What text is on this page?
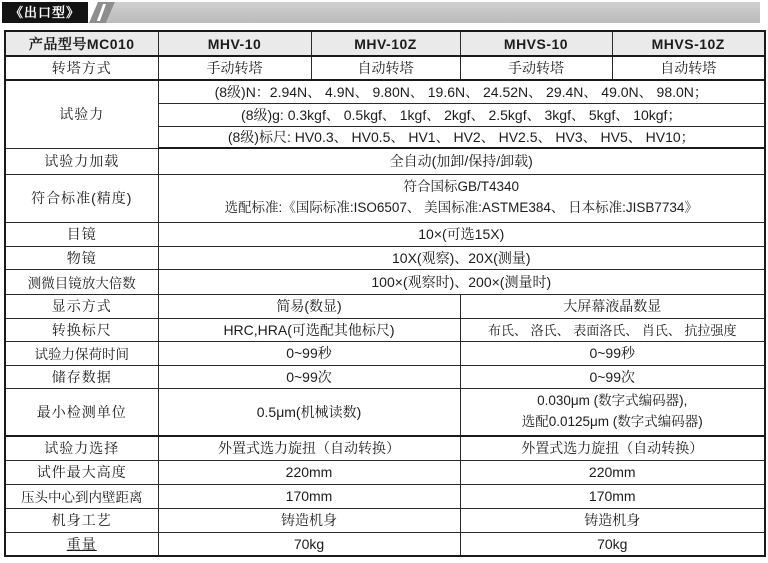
《出口型》
产品型号MC010	MHV-10	MHV-10Z	MHVS-10	MHVS-10Z
转塔方式	手动转塔	自动转塔	手动转塔	自动转塔
试验力	(8级)N：2.94N、 4.9N、 9.80N、 19.6N、 24.52N、 29.4N、 49.0N、 98.0N；			
	(8级)g: 0.3kgf、 0.5kgf、 1kgf、 2kgf、 2.5kgf、 3kgf、 5kgf、 10kgf；			
	(8级)标尺: HV0.3、 HV0.5、 HV1、 HV2、 HV2.5、 HV3、 HV5、 HV10；			
试验力加载	全自动(加卸/保持/卸载)			
符合标准(精度)	符合国标GB/T4340
选配标准:《国际标准:ISO6507、 美国标准:ASTME384、 日本标准:JISB7734》			

目镜	10×(可选15X)			
物镜	10X(观察)、20X(测量)			
测微目镜放大倍数	100×(观察时)、200×(测量时)			
显示方式	简易(数显)		大屏幕液晶数显	
转换标尺	HRC,HRA(可选配其他标尺)		布氏、 洛氏、 表面洛氏、 肖氏、 抗拉强度	
试验力保荷时间	0~99秒		0~99秒	
储存数据	0~99次		0~99次	
最小检测单位	0.5μm(机械读数)		0.030μm (数字式编码器),
选配0.0125μm (数字式编码器)	

试验力选择	外置式选力旋扭（自动转换）		外置式选力旋扭（自动转换）	
试件最大高度	220mm		220mm	
压头中心到内壁距离	170mm		170mm	
机身工艺	铸造机身		铸造机身	
重量	70kg		70kg	
